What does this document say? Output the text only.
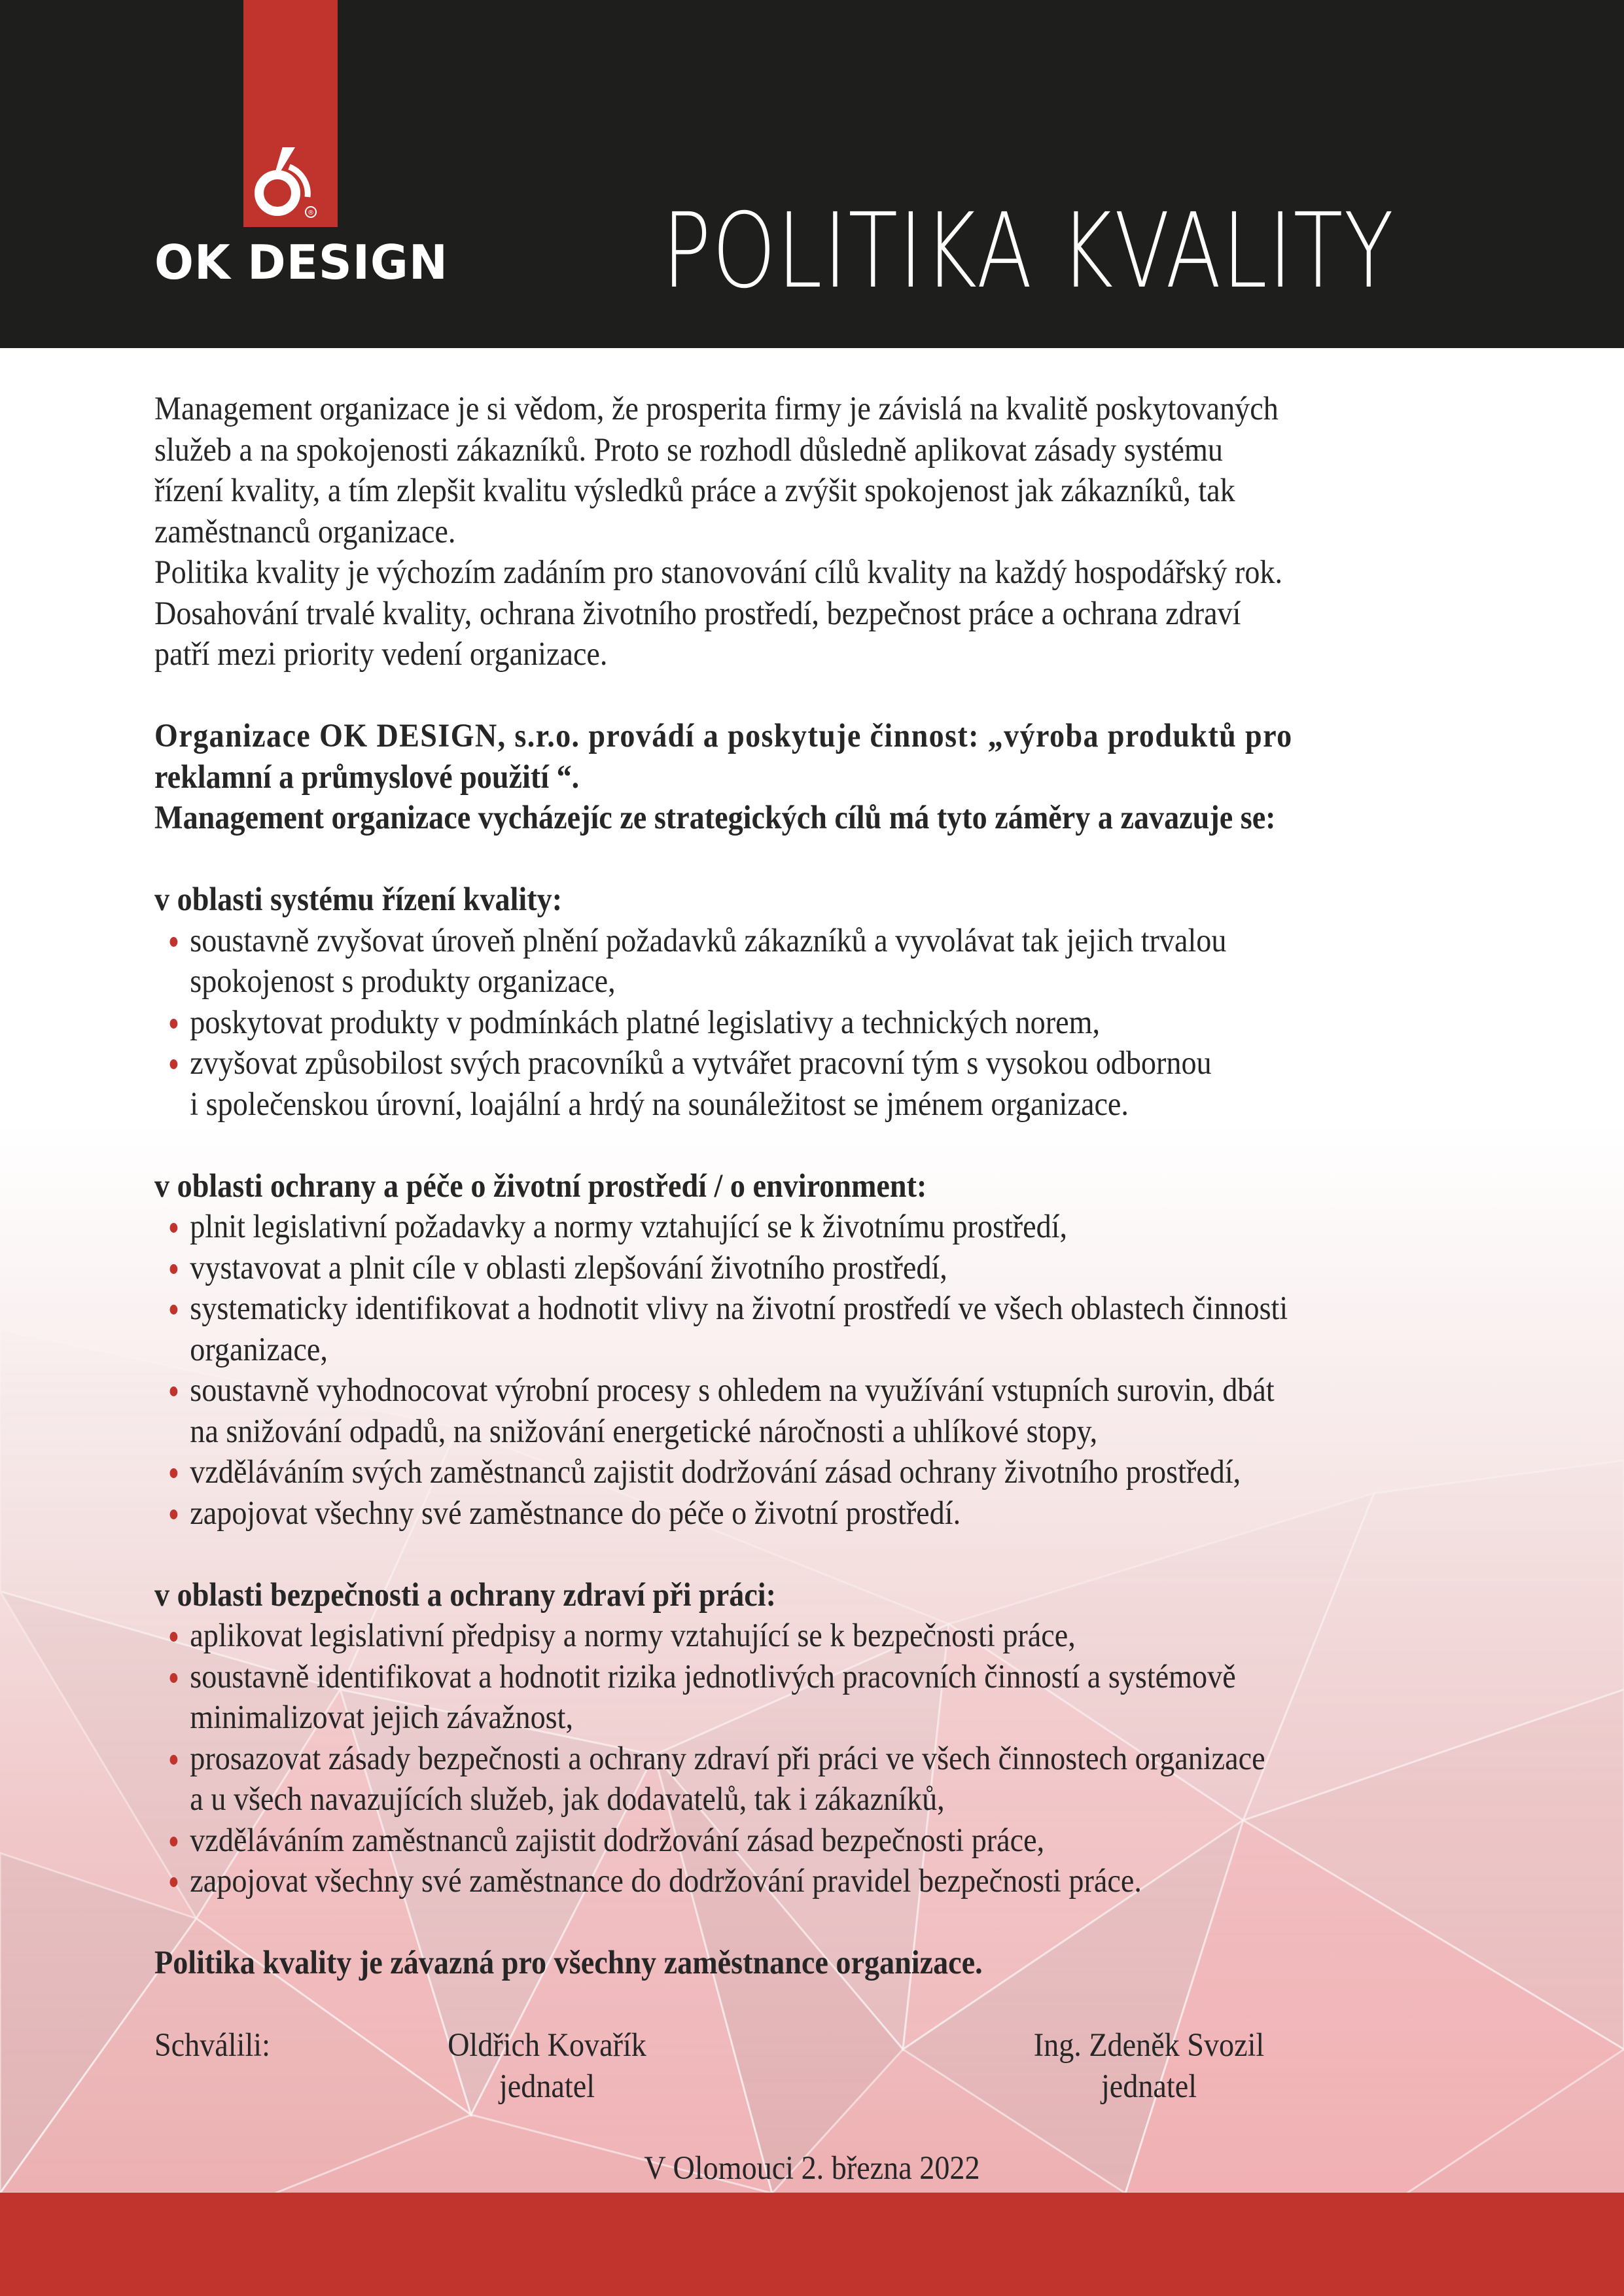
®
OK DESIGN POLITIKA KVALITY
Management organizace je si vědom, že prosperita firmy je závislá na kvalitě poskytovaných
služeb a na spokojenosti zákazníků. Proto se rozhodl důsledně aplikovat zásady systému
řízení kvality, a tím zlepšit kvalitu výsledků práce a zvýšit spokojenost jak zákazníků, tak
zaměstnanců organizace.
Politika kvality je výchozím zadáním pro stanovování cílů kvality na každý hospodářský rok.
Dosahování trvalé kvality, ochrana životního prostředí, bezpečnost práce a ochrana zdraví
patří mezi priority vedení organizace.
Organizace OK DESIGN, s.r.o. provádí a poskytuje činnost: „výroba produktů pro
reklamní a průmyslové použití “.
Management organizace vycházejíc ze strategických cílů má tyto záměry a zavazuje se:
v oblasti systému řízení kvality:
soustavně zvyšovat úroveň plnění požadavků zákazníků a vyvolávat tak jejich trvalou
spokojenost s produkty organizace,
poskytovat produkty v podmínkách platné legislativy a technických norem,
zvyšovat způsobilost svých pracovníků a vytvářet pracovní tým s vysokou odbornou
i společenskou úrovní, loajální a hrdý na sounáležitost se jménem organizace.
v oblasti ochrany a péče o životní prostředí / o environment:
plnit legislativní požadavky a normy vztahující se k životnímu prostředí,
vystavovat a plnit cíle v oblasti zlepšování životního prostředí,
systematicky identifikovat a hodnotit vlivy na životní prostředí ve všech oblastech činnosti
organizace,
soustavně vyhodnocovat výrobní procesy s ohledem na využívání vstupních surovin, dbát
na snižování odpadů, na snižování energetické náročnosti a uhlíkové stopy,
vzděláváním svých zaměstnanců zajistit dodržování zásad ochrany životního prostředí,
zapojovat všechny své zaměstnance do péče o životní prostředí.
v oblasti bezpečnosti a ochrany zdraví při práci:
aplikovat legislativní předpisy a normy vztahující se k bezpečnosti práce,
soustavně identifikovat a hodnotit rizika jednotlivých pracovních činností a systémově
minimalizovat jejich závažnost,
prosazovat zásady bezpečnosti a ochrany zdraví při práci ve všech činnostech organizace
a u všech navazujících služeb, jak dodavatelů, tak i zákazníků,
vzděláváním zaměstnanců zajistit dodržování zásad bezpečnosti práce,
zapojovat všechny své zaměstnance do dodržování pravidel bezpečnosti práce.
Politika kvality je závazná pro všechny zaměstnance organizace.
Schválili:	Oldřich Kovařík
jednatel
Ing. Zdeněk Svozil
jednatel
V Olomouci 2. března 2022
